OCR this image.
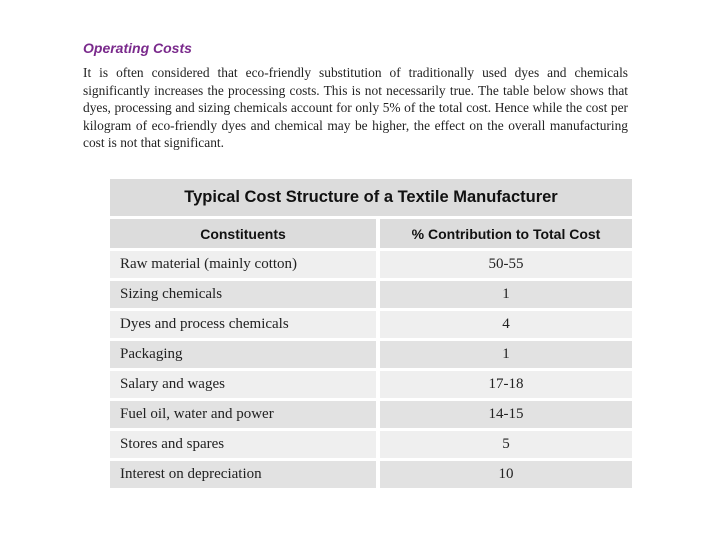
Operating Costs

It is often considered that eco-friendly substitution of traditionally used dyes and chemicals significantly increases the processing costs. This is not necessarily true. The table below shows that dyes, processing and sizing chemicals account for only 5% of the total cost. Hence while the cost per kilogram of eco-friendly dyes and chemical may be higher, the effect on the overall manufacturing cost is not that significant.

Typical Cost Structure of a Textile Manufacturer	
Constituents	% Contribution to Total Cost
Raw material (mainly cotton)	50-55
Sizing chemicals	1
Dyes and process chemicals	4
Packaging	1
Salary and wages	17-18
Fuel oil, water and power	14-15
Stores and spares	5
Interest on depreciation	10
